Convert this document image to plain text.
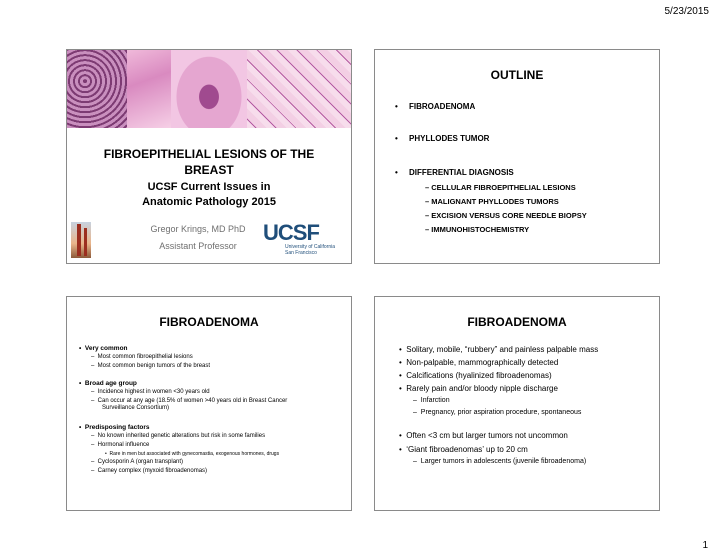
5/23/2015
FIBROEPITHELIAL LESIONS OF THE
BREAST
UCSF Current Issues in
Anatomic Pathology 2015
Gregor Krings, MD PhD
Assistant Professor
UCSF
University of California
San Francisco
OUTLINE
• FIBROADENOMA
• PHYLLODES TUMOR
• DIFFERENTIAL DIAGNOSIS
– CELLULAR FIBROEPITHELIAL LESIONS
– MALIGNANT PHYLLODES TUMORS
– EXCISION VERSUS CORE NEEDLE BIOPSY
– IMMUNOHISTOCHEMISTRY
FIBROADENOMA
•  Very common
–  Most common fibroepithelial lesions
–  Most common benign tumors of the breast
•  Broad age group
–  Incidence highest in women <30 years old
–  Can occur at any age (18.5% of women >40 years old in Breast Cancer
Surveillance Consortium)
•  Predisposing factors
–  No known inherited genetic alterations but risk in some families
–  Hormonal influence
•  Rare in men but associated with gynecomastia, exogenous hormones, drugs
–  Cyclosporin A (organ transplant)
–  Carney complex (myxoid fibroadenomas)
FIBROADENOMA
•  Solitary, mobile, “rubbery” and painless palpable mass
•  Non-palpable, mammographically detected
•  Calcifications (hyalinized fibroadenomas)
•  Rarely pain and/or bloody nipple discharge
–  Infarction
–  Pregnancy, prior aspiration procedure, spontaneous
•  Often <3 cm but larger tumors not uncommon
•  ‘Giant fibroadenomas’ up to 20 cm
–  Larger tumors in adolescents (juvenile fibroadenoma)
1
